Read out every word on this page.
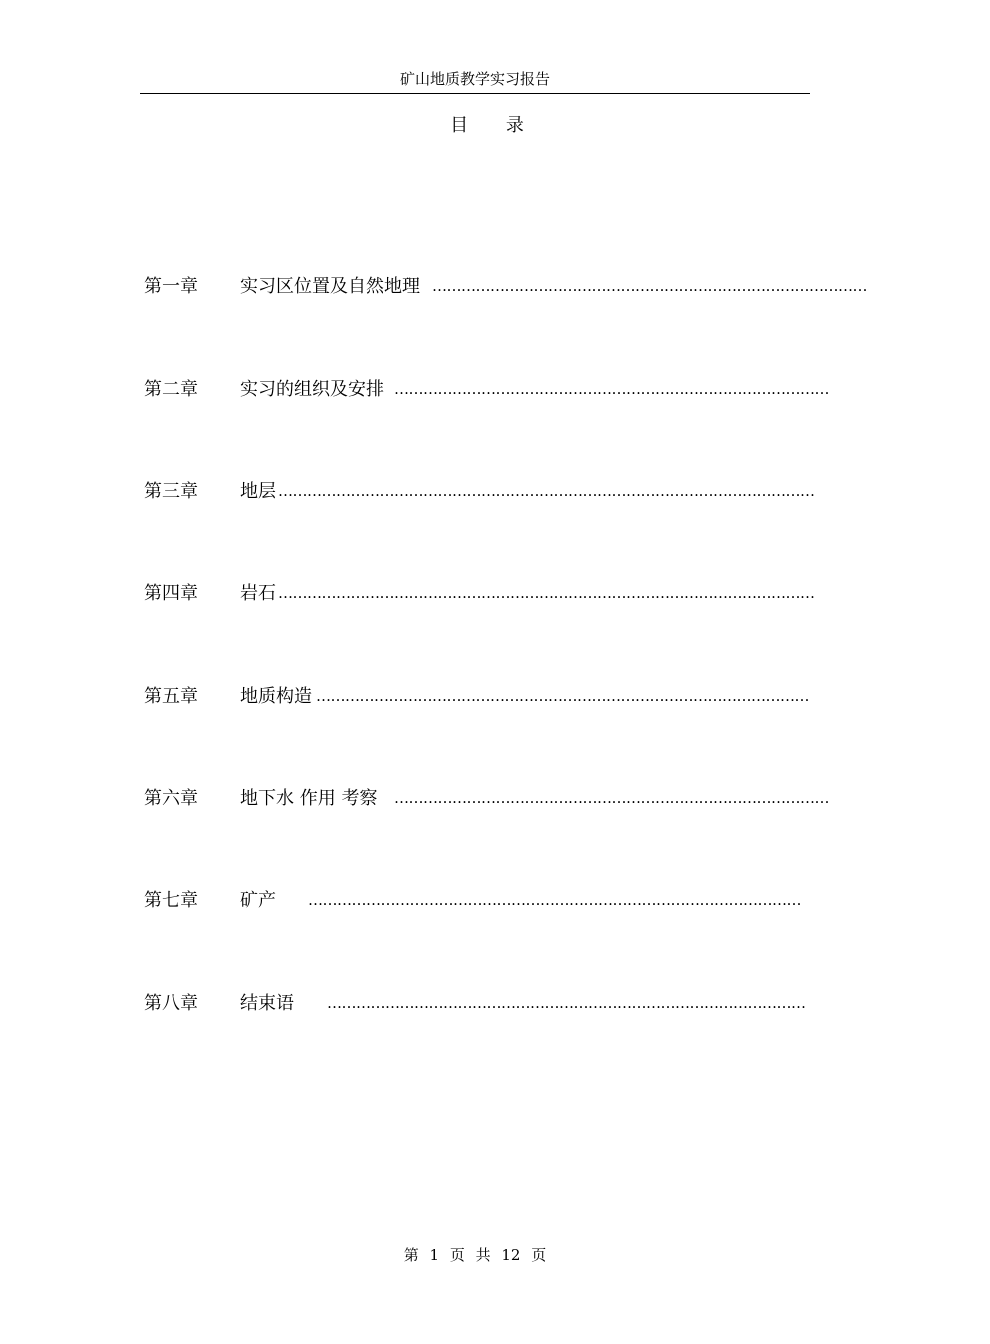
矿山地质教学实习报告
目 录
第一章 实习区位置及自然地理 ………………………………………………………………………………
第二章 实习的组织及安排 ………………………………………………………………………………
第三章 地层 …………………………………………………………………………………………………
第四章 岩石 …………………………………………………………………………………………………
第五章 地质构造 …………………………………………………………………………………………
第六章 地下水 作用 考察 ………………………………………………………………………………
第七章 矿产 …………………………………………………………………………………………
第八章 结束语 ………………………………………………………………………………………
第 1 页 共 12 页
